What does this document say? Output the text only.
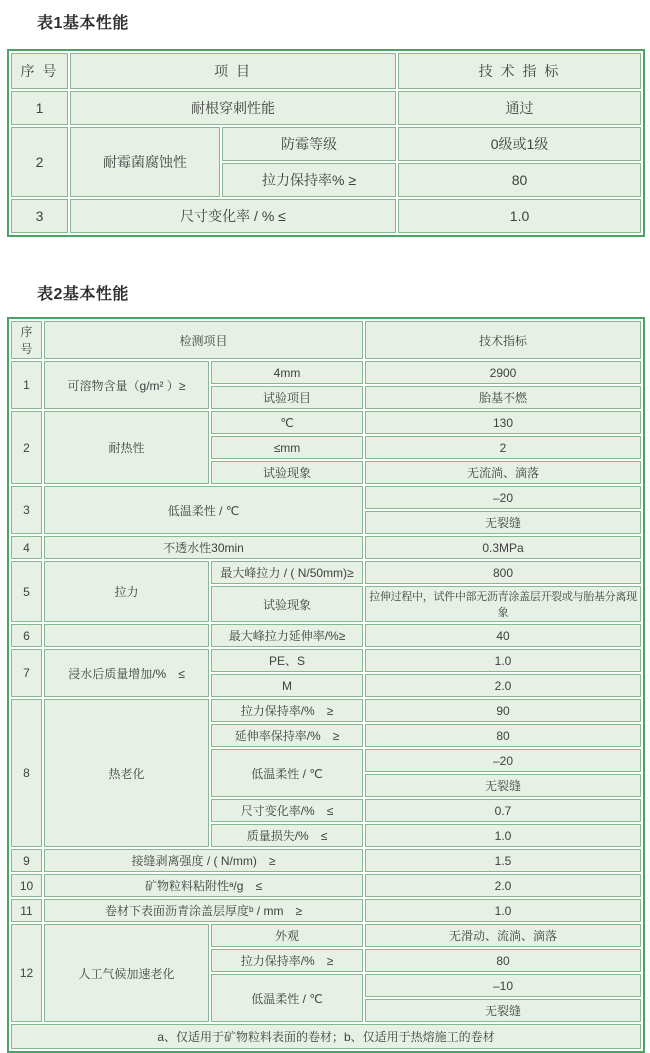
表1基本性能
序 号	项 目		技 术 指 标
1	耐根穿刺性能		通过
2	耐霉菌腐蚀性	防霉等级	0级或1级
		拉力保持率% ≥	80
3	尺寸变化率 / % ≤		1.0
表2基本性能
序号	检测项目		技术指标
1	可溶物含量（g/m² ）≥	4mm	2900
		试验项目	胎基不燃
2	耐热性	℃	130
		≤mm	2
		试验现象	无流淌、滴落
3	低温柔性 / ℃		–20
			无裂缝
4	不透水性30min		0.3MPa
5	拉力	最大峰拉力 / ( N/50mm)≥	800
		试验现象	拉伸过程中，试件中部无沥青涂盖层开裂或与胎基分离现象
6		最大峰拉力延伸率/%≥	40
7	浸水后质量增加/%　≤	PE、S	1.0
		M	2.0
8	热老化	拉力保持率/%　≥	90
		延伸率保持率/%　≥	80
		低温柔性 / ℃	–20
			无裂缝
		尺寸变化率/%　≤	0.7
		质量损失/%　≤	1.0
9	接缝剥离强度 / ( N/mm)　≥		1.5
10	矿物粒料粘附性ᵃ/g　≤		2.0
11	卷材下表面沥青涂盖层厚度ᵇ / mm　≥		1.0
12	人工气候加速老化	外观	无滑动、流淌、滴落
		拉力保持率/%　≥	80
		低温柔性 / ℃	–10
			无裂缝
a、仅适用于矿物粒料表面的卷材；b、仅适用于热熔施工的卷材			
